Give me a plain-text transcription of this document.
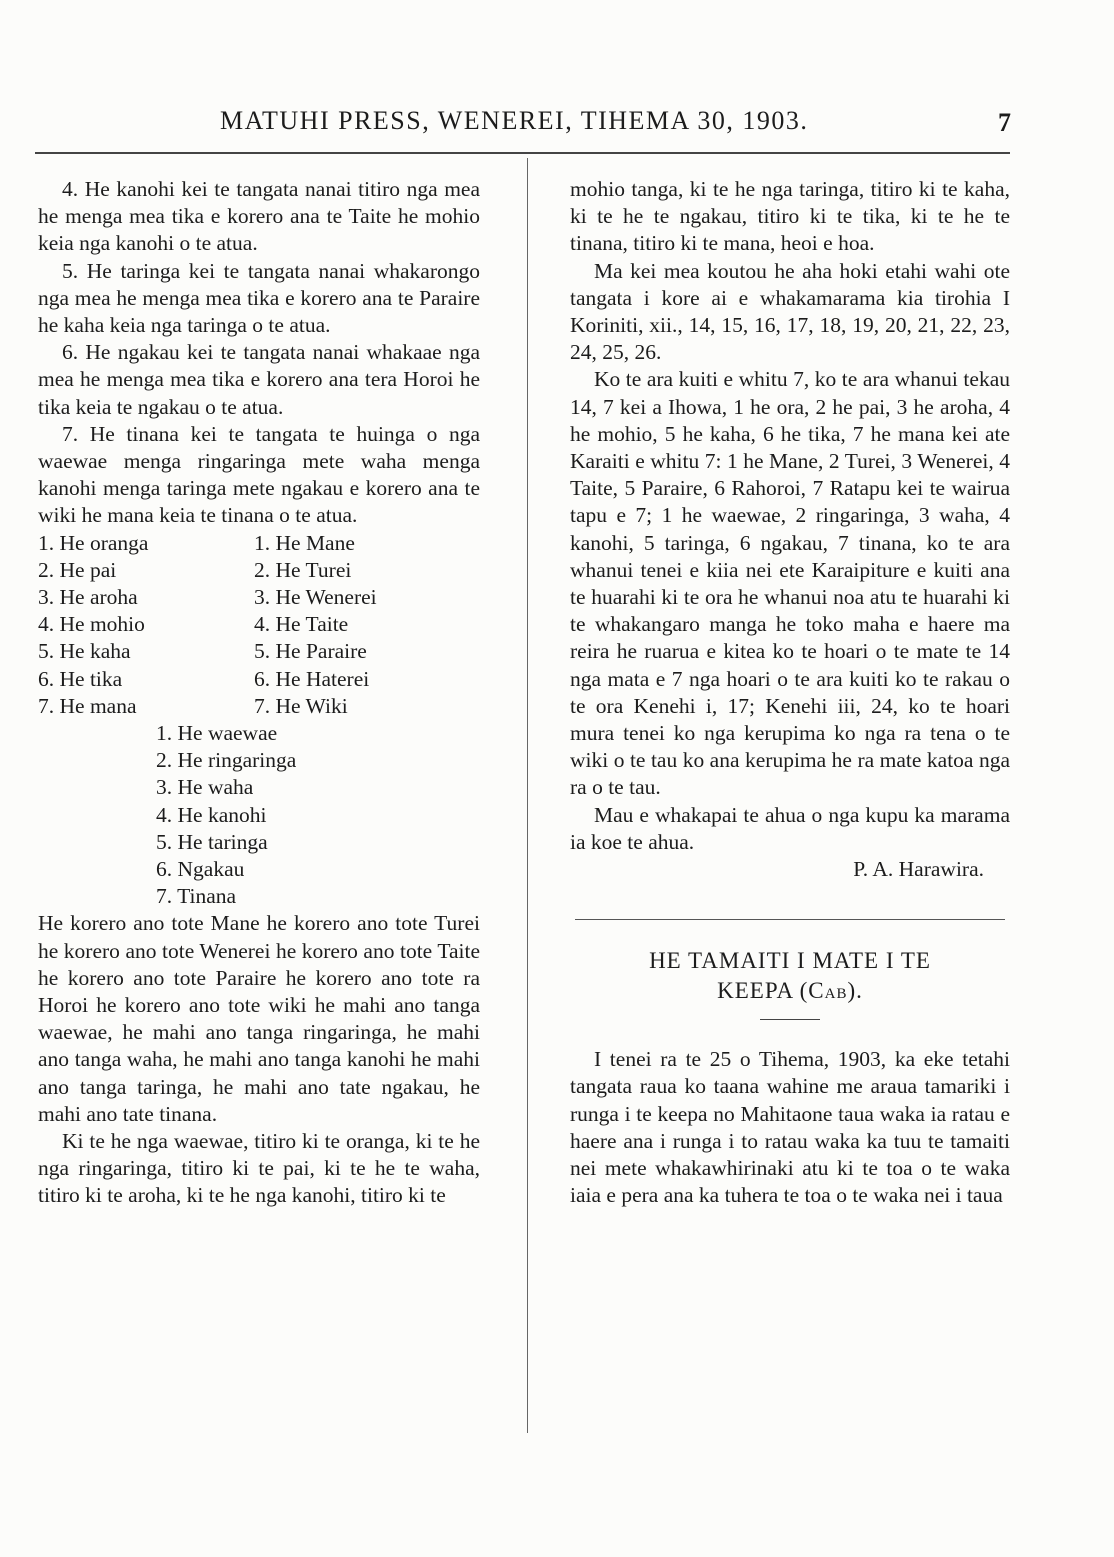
MATUHI PRESS, WENEREI, TIHEMA 30, 1903.	7

4. He kanohi kei te tangata nanai titiro nga mea he menga mea tika e korero ana te Taite he mohio keia nga kanohi o te atua.

5. He taringa kei te tangata nanai whakarongo nga mea he menga mea tika e korero ana te Paraire he kaha keia nga taringa o te atua.

6. He ngakau kei te tangata nanai whakaae nga mea he menga mea tika e korero ana tera Horoi he tika keia te ngakau o te atua.

7. He tinana kei te tangata te huinga o nga waewae menga ringaringa mete waha menga kanohi menga taringa mete ngakau e korero ana te wiki he mana keia te tinana o te atua.

1. He oranga	1. He Mane
2. He pai	2. He Turei
3. He aroha	3. He Wenerei
4. He mohio	4. He Taite
5. He kaha	5. He Paraire
6. He tika	6. He Haterei
7. He mana	7. He Wiki
1. He waewae
2. He ringaringa
3. He waha
4. He kanohi
5. He taringa
6. Ngakau
7. Tinana

He korero ano tote Mane he korero ano tote Turei he korero ano tote Wenerei he korero ano tote Taite he korero ano tote Paraire he korero ano tote ra Horoi he korero ano tote wiki he mahi ano tanga waewae, he mahi ano tanga ringaringa, he mahi ano tanga waha, he mahi ano tanga kanohi he mahi ano tanga taringa, he mahi ano tate ngakau, he mahi ano tate tinana.

Ki te he nga waewae, titiro ki te oranga, ki te he nga ringaringa, titiro ki te pai, ki te he te waha, titiro ki te aroha, ki te he nga kanohi, titiro ki te

mohio tanga, ki te he nga taringa, titiro ki te kaha, ki te he te ngakau, titiro ki te tika, ki te he te tinana, titiro ki te mana, heoi e hoa.

Ma kei mea koutou he aha hoki etahi wahi ote tangata i kore ai e whakamarama kia tirohia I Koriniti, xii., 14, 15, 16, 17, 18, 19, 20, 21, 22, 23, 24, 25, 26.

Ko te ara kuiti e whitu 7, ko te ara whanui tekau 14, 7 kei a Ihowa, 1 he ora, 2 he pai, 3 he aroha, 4 he mohio, 5 he kaha, 6 he tika, 7 he mana kei ate Karaiti e whitu 7: 1 he Mane, 2 Turei, 3 Wenerei, 4 Taite, 5 Paraire, 6 Rahoroi, 7 Ratapu kei te wairua tapu e 7; 1 he waewae, 2 ringaringa, 3 waha, 4 kanohi, 5 taringa, 6 ngakau, 7 tinana, ko te ara whanui tenei e kiia nei ete Karaipiture e kuiti ana te huarahi ki te ora he whanui noa atu te huarahi ki te whakangaro manga he toko maha e haere ma reira he ruarua e kitea ko te hoari o te mate te 14 nga mata e 7 nga hoari o te ara kuiti ko te rakau o te ora Kenehi i, 17; Kenehi iii, 24, ko te hoari mura tenei ko nga kerupima ko nga ra tena o te wiki o te tau ko ana kerupima he ra mate katoa nga ra o te tau.

Mau e whakapai te ahua o nga kupu ka marama ia koe te ahua.

P. A. Harawira.
HE TAMAITI I MATE I TE
KEEPA (CAB).

I tenei ra te 25 o Tihema, 1903, ka eke tetahi tangata raua ko taana wahine me araua tamariki i runga i te keepa no Mahitaone taua waka ia ratau e haere ana i runga i to ratau waka ka tuu te tamaiti nei mete whakawhirinaki atu ki te toa o te waka iaia e pera ana ka tuhera te toa o te waka nei i taua
